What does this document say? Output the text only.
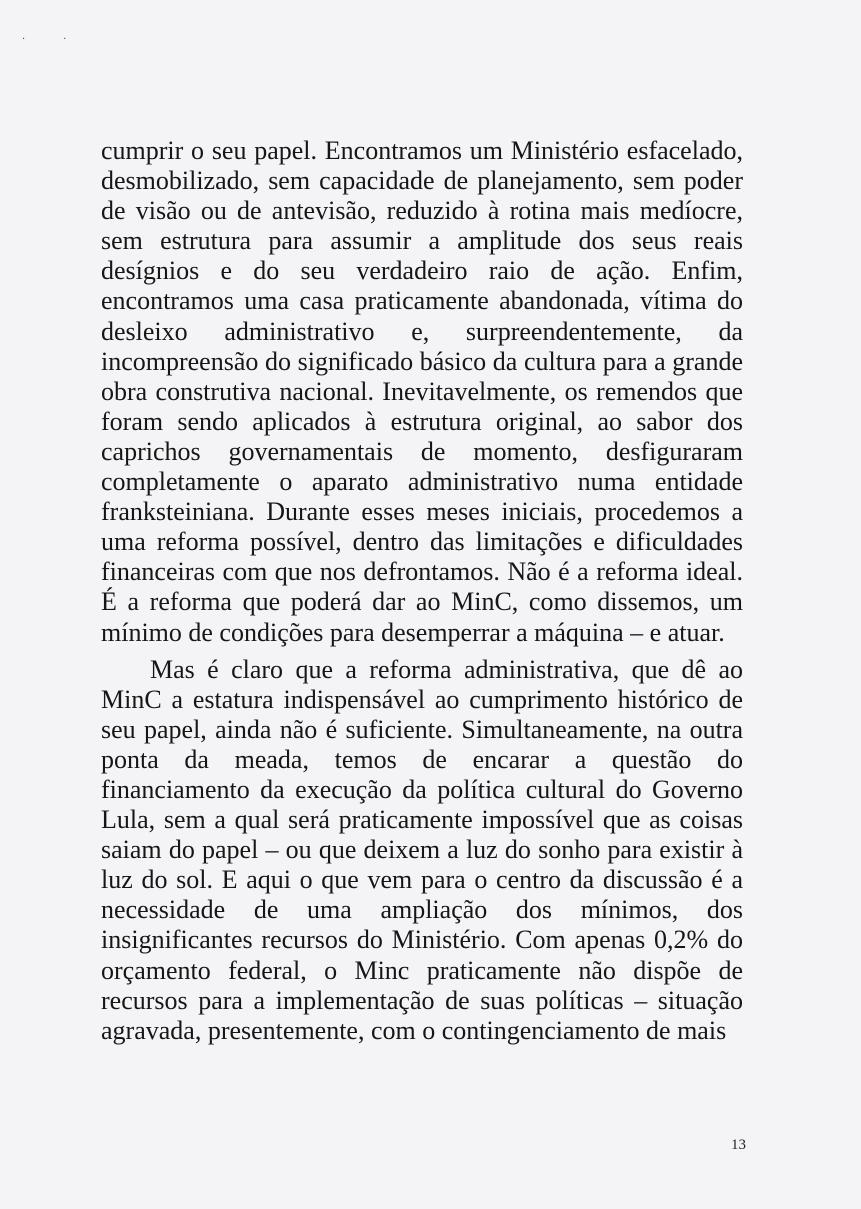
··

cumprir o seu papel. Encontramos um Ministério esfacelado, desmobilizado, sem capacidade de planejamento, sem poder de visão ou de antevisão, reduzido à rotina mais medíocre, sem estrutura para assumir a amplitude dos seus reais desígnios e do seu verdadeiro raio de ação. Enfim, encontramos uma casa praticamente abandonada, vítima do desleixo administrativo e, surpreendentemente, da incompreensão do significado básico da cultura para a grande obra construtiva nacional. Inevitavelmente, os remendos que foram sendo aplicados à estrutura original, ao sabor dos caprichos governamentais de momento, desfiguraram completamente o aparato administrativo numa entidade franksteiniana. Durante esses meses iniciais, procedemos a uma reforma possível, dentro das limitações e dificuldades financeiras com que nos defrontamos. Não é a reforma ideal. É a reforma que poderá dar ao MinC, como dissemos, um mínimo de condições para desemperrar a máquina – e atuar.

Mas é claro que a reforma administrativa, que dê ao MinC a estatura indispensável ao cumprimento histórico de seu papel, ainda não é suficiente. Simultaneamente, na outra ponta da meada, temos de encarar a questão do financiamento da execução da política cultural do Governo Lula, sem a qual será praticamente impossível que as coisas saiam do papel – ou que deixem a luz do sonho para existir à luz do sol. E aqui o que vem para o centro da discussão é a necessidade de uma ampliação dos mínimos, dos insignificantes recursos do Ministério. Com apenas 0,2% do orçamento federal, o Minc praticamente não dispõe de recursos para a implementação de suas políticas – situação agravada, presentemente, com o contingenciamento de mais

13
